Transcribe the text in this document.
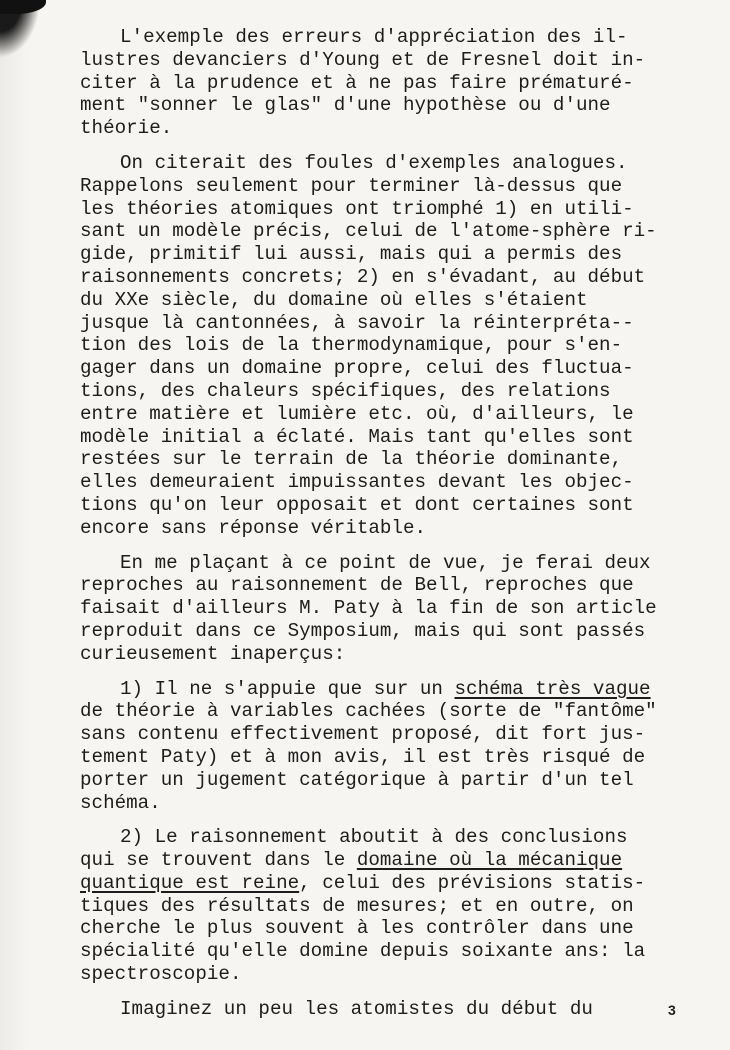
L'exemple des erreurs d'appréciation des il-
lustres devanciers d'Young et de Fresnel doit in-
citer à la prudence et à ne pas faire prématuré-
ment "sonner le glas" d'une hypothèse ou d'une
théorie.
On citerait des foules d'exemples analogues.
Rappelons seulement pour terminer là-dessus que
les théories atomiques ont triomphé 1) en utili-
sant un modèle précis, celui de l'atome-sphère ri-
gide, primitif lui aussi, mais qui a permis des
raisonnements concrets; 2) en s'évadant, au début
du XXe siècle, du domaine où elles s'étaient
jusque là cantonnées, à savoir la réinterpréta--
tion des lois de la thermodynamique, pour s'en-
gager dans un domaine propre, celui des fluctua-
tions, des chaleurs spécifiques, des relations
entre matière et lumière etc. où, d'ailleurs, le
modèle initial a éclaté. Mais tant qu'elles sont
restées sur le terrain de la théorie dominante,
elles demeuraient impuissantes devant les objec-
tions qu'on leur opposait et dont certaines sont
encore sans réponse véritable.
En me plaçant à ce point de vue, je ferai deux
reproches au raisonnement de Bell, reproches que
faisait d'ailleurs M. Paty à la fin de son article
reproduit dans ce Symposium, mais qui sont passés
curieusement inaperçus:
1) Il ne s'appuie que sur un schéma très vague
de théorie à variables cachées (sorte de "fantôme"
sans contenu effectivement proposé, dit fort jus-
tement Paty) et à mon avis, il est très risqué de
porter un jugement catégorique à partir d'un tel
schéma.
2) Le raisonnement aboutit à des conclusions
qui se trouvent dans le domaine où la mécanique
quantique est reine, celui des prévisions statis-
tiques des résultats de mesures; et en outre, on
cherche le plus souvent à les contrôler dans une
spécialité qu'elle domine depuis soixante ans: la
spectroscopie.
Imaginez un peu les atomistes du début du	3
